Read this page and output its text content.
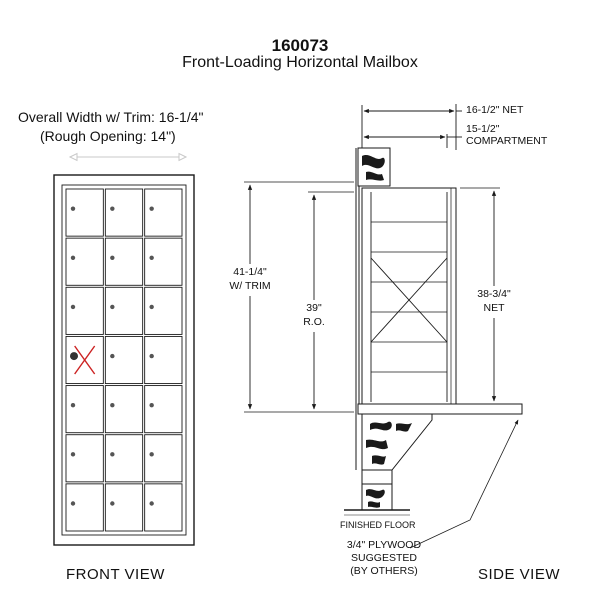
160073
Front-Loading Horizontal Mailbox
Overall Width w/ Trim: 16-1/4"
(Rough Opening: 14")
16-1/2" NET
15-1/2"
COMPARTMENT
41-1/4"
W/ TRIM
39"
R.O.
38-3/4"
NET
FINISHED FLOOR
3/4" PLYWOOD
SUGGESTED
(BY OTHERS)
FRONT VIEW	SIDE VIEW
